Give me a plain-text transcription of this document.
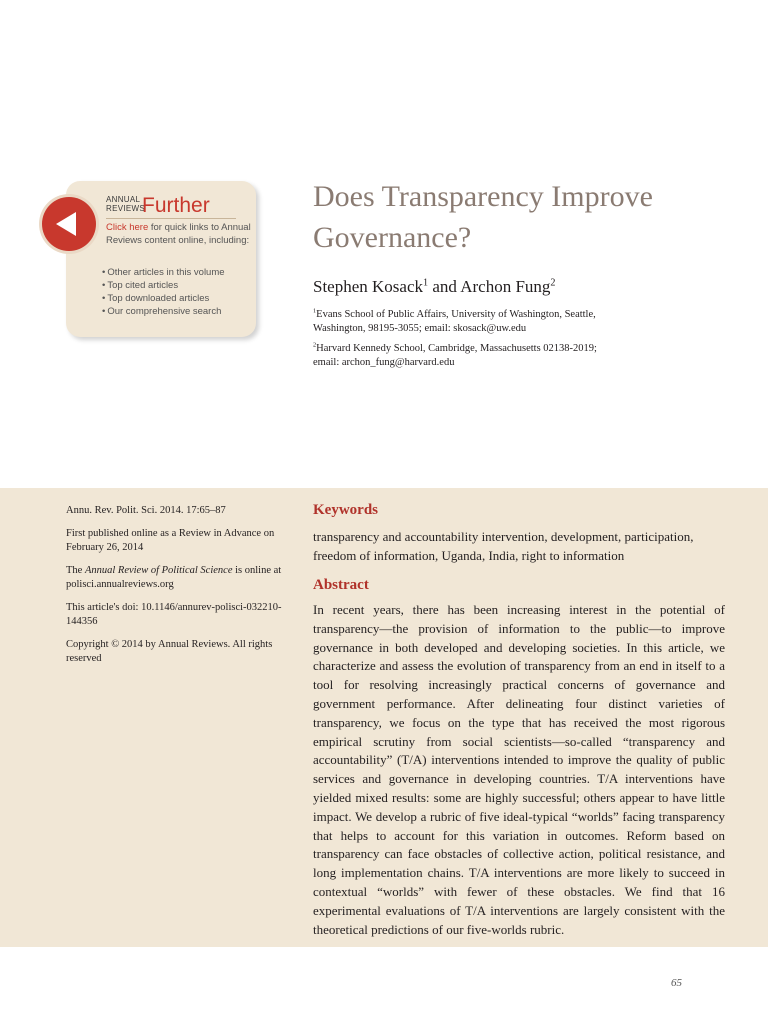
ANNUAL
REVIEWS
Further
Click here for quick links to Annual Reviews content online, including:
• Other articles in this volume
• Top cited articles
• Top downloaded articles
• Our comprehensive search
Does Transparency Improve Governance?
Stephen Kosack$^1$ and Archon Fung$^2$
$^1$Evans School of Public Affairs, University of Washington, Seattle, Washington, 98195-3055; email: skosack@uw.edu
$^2$Harvard Kennedy School, Cambridge, Massachusetts 02138-2019; email: archon_fung@harvard.edu
Annu. Rev. Polit. Sci. 2014. 17:65–87
First published online as a Review in Advance on February 26, 2014
The Annual Review of Political Science is online at polisci.annualreviews.org
This article's doi: 10.1146/annurev-polisci-032210-144356
Copyright © 2014 by Annual Reviews. All rights reserved
Keywords
transparency and accountability intervention, development, participation, freedom of information, Uganda, India, right to information
Abstract
In recent years, there has been increasing interest in the potential of transparency—the provision of information to the public—to improve governance in both developed and developing societies. In this article, we characterize and assess the evolution of transparency from an end in itself to a tool for resolving increasingly practical concerns of governance and government performance. After delineating four distinct varieties of transparency, we focus on the type that has received the most rigorous empirical scrutiny from social scientists—so-called “transparency and accountability” (T/A) interventions intended to improve the quality of public services and governance in developing countries. T/A interventions have yielded mixed results: some are highly successful; others appear to have little impact. We develop a rubric of five ideal-typical “worlds” facing transparency that helps to account for this variation in outcomes. Reform based on transparency can face obstacles of collective action, political resistance, and long implementation chains. T/A interventions are more likely to succeed in contextual “worlds” with fewer of these obstacles. We find that 16 experimental evaluations of T/A interventions are largely consistent with the theoretical predictions of our five-worlds rubric.
65
